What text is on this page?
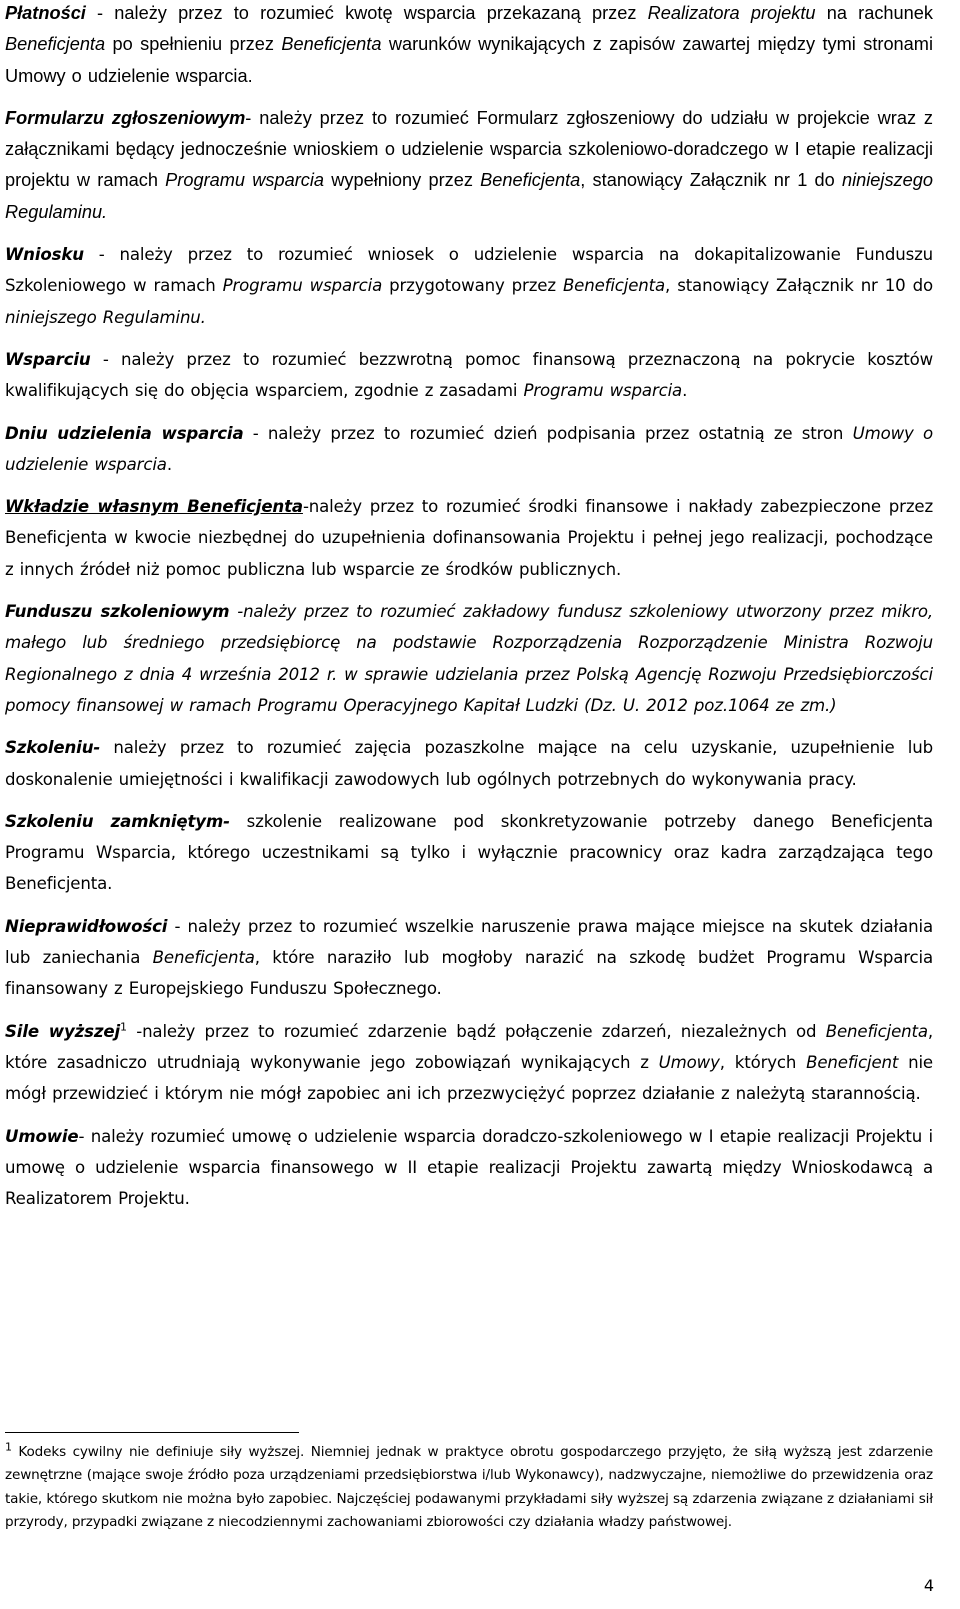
Płatności - należy przez to rozumieć kwotę wsparcia przekazaną przez Realizatora projektu na rachunek Beneficjenta po spełnieniu przez Beneficjenta warunków wynikających z zapisów zawartej między tymi stronami Umowy o udzielenie wsparcia.

Formularzu zgłoszeniowym- należy przez to rozumieć Formularz zgłoszeniowy do udziału w projekcie wraz z załącznikami będący jednocześnie wnioskiem o udzielenie wsparcia szkoleniowo-doradczego w I etapie realizacji projektu w ramach Programu wsparcia wypełniony przez Beneficjenta, stanowiący Załącznik nr 1 do niniejszego Regulaminu.

Wniosku - należy przez to rozumieć wniosek o udzielenie wsparcia na dokapitalizowanie Funduszu Szkoleniowego w ramach Programu wsparcia przygotowany przez Beneficjenta, stanowiący Załącznik nr 10 do niniejszego Regulaminu.

Wsparciu - należy przez to rozumieć bezzwrotną pomoc finansową przeznaczoną na pokrycie kosztów kwalifikujących się do objęcia wsparciem, zgodnie z zasadami Programu wsparcia.

Dniu udzielenia wsparcia - należy przez to rozumieć dzień podpisania przez ostatnią ze stron Umowy o udzielenie wsparcia.

Wkładzie własnym Beneficjenta-należy przez to rozumieć środki finansowe i nakłady zabezpieczone przez Beneficjenta w kwocie niezbędnej do uzupełnienia dofinansowania Projektu i pełnej jego realizacji, pochodzące z innych źródeł niż pomoc publiczna lub wsparcie ze środków publicznych.

Funduszu szkoleniowym -należy przez to rozumieć zakładowy fundusz szkoleniowy utworzony przez mikro, małego lub średniego przedsiębiorcę na podstawie Rozporządzenia Rozporządzenie Ministra Rozwoju Regionalnego z dnia 4 września 2012 r. w sprawie udzielania przez Polską Agencję Rozwoju Przedsiębiorczości pomocy finansowej w ramach Programu Operacyjnego Kapitał Ludzki (Dz. U. 2012 poz.1064 ze zm.)

Szkoleniu- należy przez to rozumieć zajęcia pozaszkolne mające na celu uzyskanie, uzupełnienie lub doskonalenie umiejętności i kwalifikacji zawodowych lub ogólnych potrzebnych do wykonywania pracy.

Szkoleniu zamkniętym- szkolenie realizowane pod skonkretyzowanie potrzeby danego Beneficjenta Programu Wsparcia, którego uczestnikami są tylko i wyłącznie pracownicy oraz kadra zarządzająca tego Beneficjenta.

Nieprawidłowości - należy przez to rozumieć wszelkie naruszenie prawa mające miejsce na skutek działania lub zaniechania Beneficjenta, które naraziło lub mogłoby narazić na szkodę budżet Programu Wsparcia finansowany z Europejskiego Funduszu Społecznego.

Sile wyższej$^1$ -należy przez to rozumieć zdarzenie bądź połączenie zdarzeń, niezależnych od Beneficjenta, które zasadniczo utrudniają wykonywanie jego zobowiązań wynikających z Umowy, których Beneficjent nie mógł przewidzieć i którym nie mógł zapobiec ani ich przezwyciężyć poprzez działanie z należytą starannością.

Umowie- należy rozumieć umowę o udzielenie wsparcia doradczo-szkoleniowego w I etapie realizacji Projektu i umowę o udzielenie wsparcia finansowego w II etapie realizacji Projektu zawartą między Wnioskodawcą a Realizatorem Projektu.

$^1$ Kodeks cywilny nie definiuje siły wyższej. Niemniej jednak w praktyce obrotu gospodarczego przyjęto, że siłą wyższą jest zdarzenie zewnętrzne (mające swoje źródło poza urządzeniami przedsiębiorstwa i/lub Wykonawcy), nadzwyczajne, niemożliwe do przewidzenia oraz takie, którego skutkom nie można było zapobiec. Najczęściej podawanymi przykładami siły wyższej są zdarzenia związane z działaniami sił przyrody, przypadki związane z niecodziennymi zachowaniami zbiorowości czy działania władzy państwowej.
4
